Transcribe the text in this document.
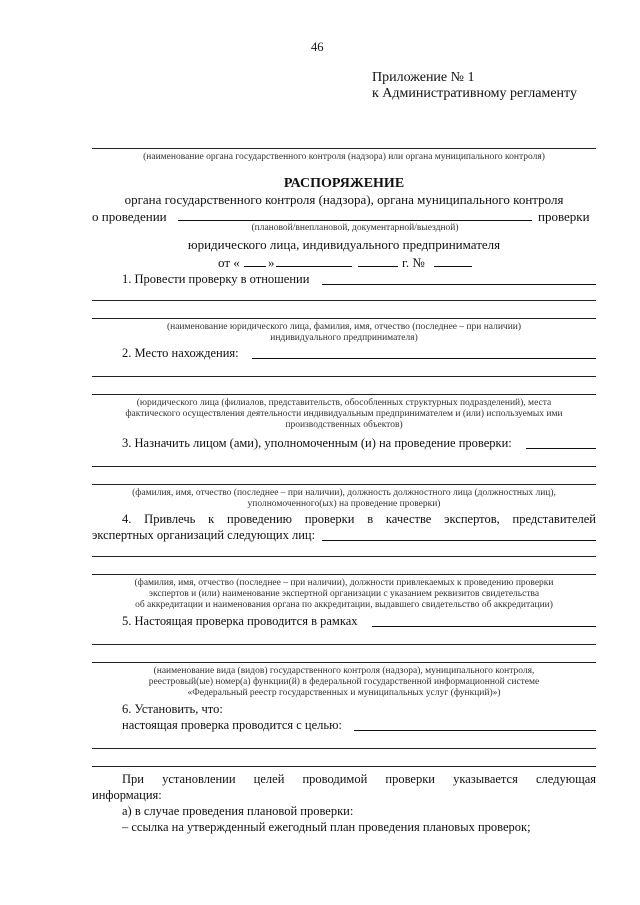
46
Приложение № 1
к Административному регламенту
(наименование органа государственного контроля (надзора) или органа муниципального контроля)
РАСПОРЯЖЕНИЕ
органа государственного контроля (надзора), органа муниципального контроля
о проведении	проверки
(плановой/внеплановой, документарной/выездной)
юридического лица, индивидуального предпринимателя
от « »	г. №
1. Провести проверку в отношении
(наименование юридического лица, фамилия, имя, отчество (последнее – при наличии)
индивидуального предпринимателя)
2. Место нахождения:
(юридического лица (филиалов, представительств, обособленных структурных подразделений), места
фактического осуществления деятельности индивидуальным предпринимателем и (или) используемых ими
производственных объектов)
3. Назначить лицом (ами), уполномоченным (и) на проведение проверки:
(фамилия, имя, отчество (последнее – при наличии), должность должностного лица (должностных лиц),
уполномоченного(ых) на проведение проверки)
4. Привлечь к проведению проверки в качестве экспертов, представителей
экспертных организаций следующих лиц:
(фамилия, имя, отчество (последнее – при наличии), должности привлекаемых к проведению проверки
экспертов и (или) наименование экспертной организации с указанием реквизитов свидетельства
об аккредитации и наименования органа по аккредитации, выдавшего свидетельство об аккредитации)
5. Настоящая проверка проводится в рамках
(наименование вида (видов) государственного контроля (надзора), муниципального контроля,
реестровый(ые) номер(а) функции(й) в федеральной государственной информационной системе
«Федеральный реестр государственных и муниципальных услуг (функций)»)
6. Установить, что:
настоящая проверка проводится с целью:
При установлении целей проводимой проверки указывается следующая
информация:
а) в случае проведения плановой проверки:
– ссылка на утвержденный ежегодный план проведения плановых проверок;
